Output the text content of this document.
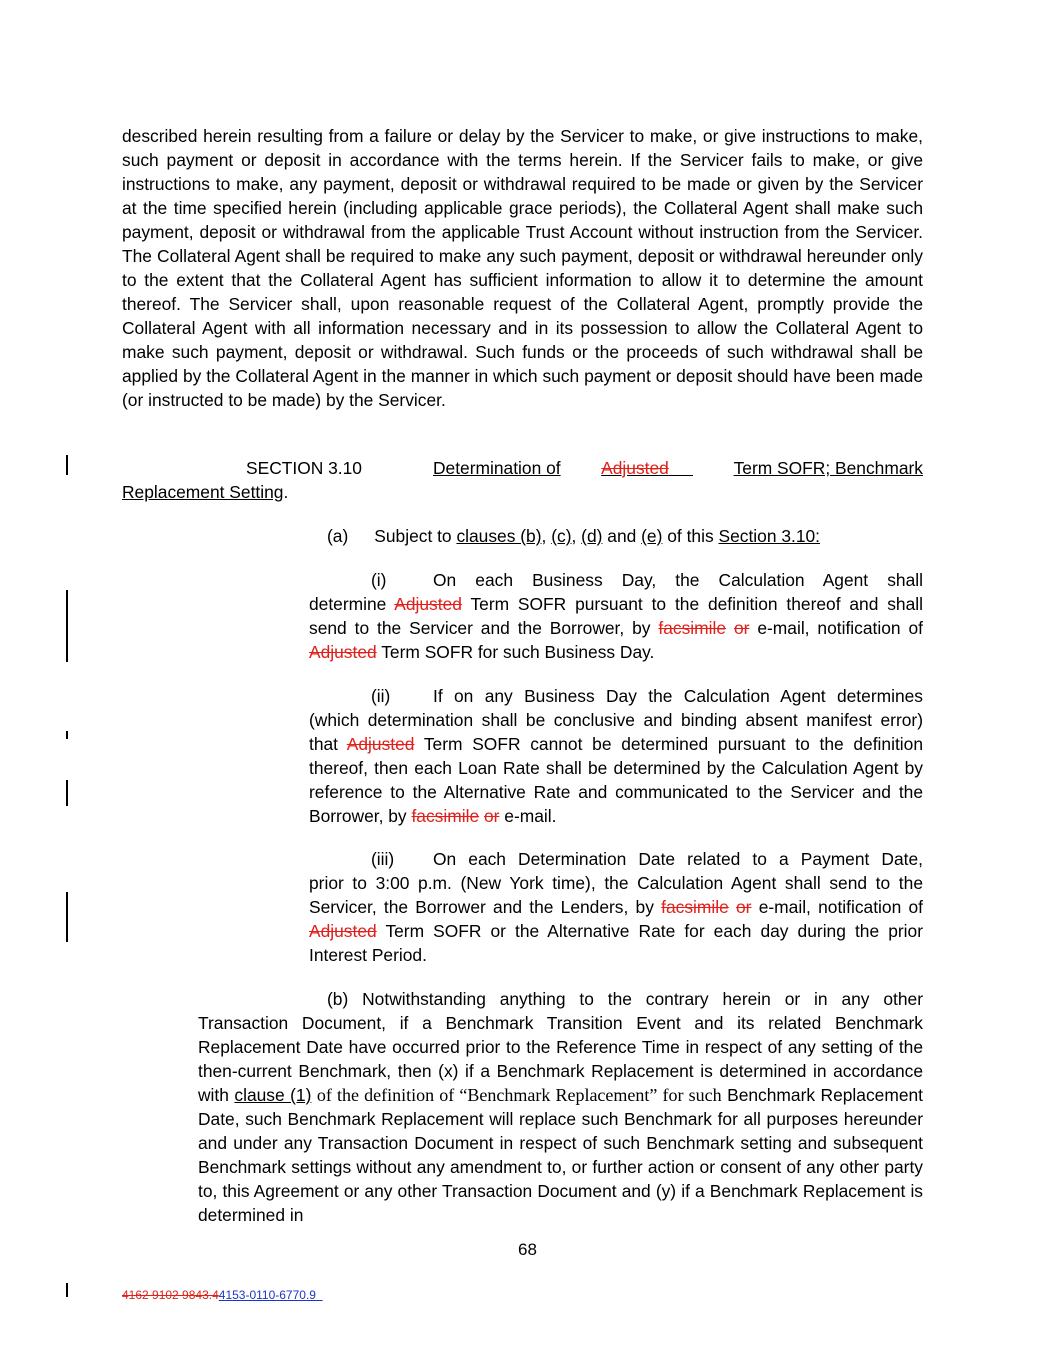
described herein resulting from a failure or delay by the Servicer to make, or give instructions to make, such payment or deposit in accordance with the terms herein. If the Servicer fails to make, or give instructions to make, any payment, deposit or withdrawal required to be made or given by the Servicer at the time specified herein (including applicable grace periods), the Collateral Agent shall make such payment, deposit or withdrawal from the applicable Trust Account without instruction from the Servicer. The Collateral Agent shall be required to make any such payment, deposit or withdrawal hereunder only to the extent that the Collateral Agent has sufficient information to allow it to determine the amount thereof. The Servicer shall, upon reasonable request of the Collateral Agent, promptly provide the Collateral Agent with all information necessary and in its possession to allow the Collateral Agent to make such payment, deposit or withdrawal. Such funds or the proceeds of such withdrawal shall be applied by the Collateral Agent in the manner in which such payment or deposit should have been made (or instructed to be made) by the Servicer.
SECTION 3.10	Determination of Adjusted	Term SOFR; Benchmark
Replacement Setting.
(a) Subject to clauses (b), (c), (d) and (e) of this Section 3.10:
(i)	On each Business Day, the Calculation Agent shall
determine Adjusted Term SOFR pursuant to the definition thereof and shall send to the Servicer and the Borrower, by facsimile or e-mail, notification of Adjusted Term SOFR for such Business Day.
(ii)	If on any Business Day the Calculation Agent determines
(which determination shall be conclusive and binding absent manifest error) that Adjusted Term SOFR cannot be determined pursuant to the definition thereof, then each Loan Rate shall be determined by the Calculation Agent by reference to the Alternative Rate and communicated to the Servicer and the Borrower, by facsimile or e-mail.
(iii)	On each Determination Date related to a Payment Date,
prior to 3:00 p.m. (New York time), the Calculation Agent shall send to the Servicer, the Borrower and the Lenders, by facsimile or e-mail, notification of Adjusted Term SOFR or the Alternative Rate for each day during the prior Interest Period.
(b) Notwithstanding anything to the contrary herein or in any other
Transaction Document, if a Benchmark Transition Event and its related Benchmark Replacement Date have occurred prior to the Reference Time in respect of any setting of the then-current Benchmark, then (x) if a Benchmark Replacement is determined in accordance with clause (1) of the definition of “Benchmark Replacement” for such Benchmark Replacement Date, such Benchmark Replacement will replace such Benchmark for all purposes hereunder and under any Transaction Document in respect of such Benchmark setting and subsequent Benchmark settings without any amendment to, or further action or consent of any other party to, this Agreement or any other Transaction Document and (y) if a Benchmark Replacement is determined in
68
4162 9102 9843.44153-0110-6770.9
